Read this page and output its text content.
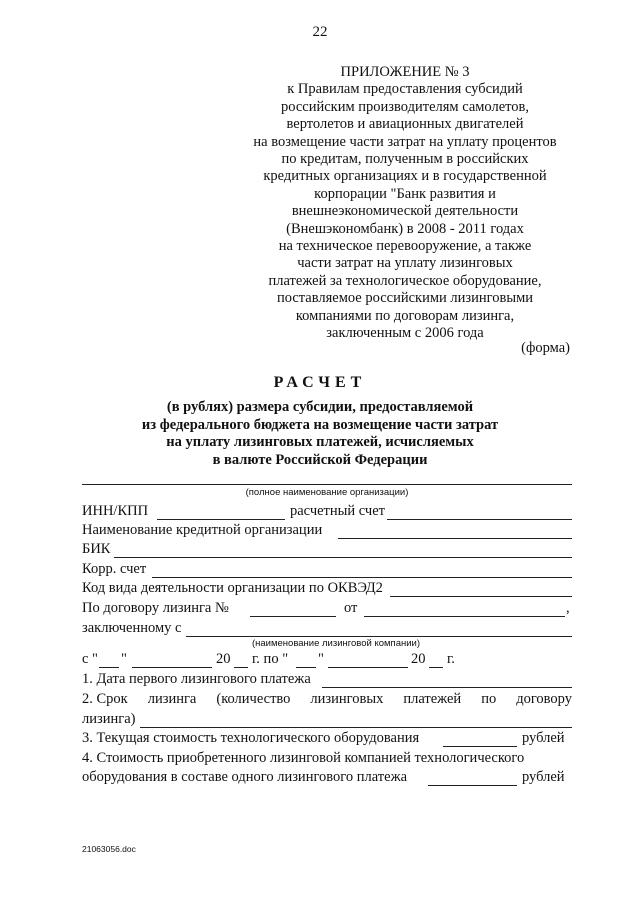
22
ПРИЛОЖЕНИЕ № 3
к Правилам предоставления субсидий
российским производителям самолетов,
вертолетов и авиационных двигателей
на возмещение части затрат на уплату процентов
по кредитам, полученным в российских
кредитных организациях и в государственной
корпорации "Банк развития и
внешнеэкономической деятельности
(Внешэкономбанк) в 2008 - 2011 годах
на техническое перевооружение, а также
части затрат на уплату лизинговых
платежей за технологическое оборудование,
поставляемое российскими лизинговыми
компаниями по договорам лизинга,
заключенным с 2006 года
(форма)
РАСЧЕТ
(в рублях) размера субсидии, предоставляемой
из федерального бюджета на возмещение части затрат
на уплату лизинговых платежей, исчисляемых
в валюте Российской Федерации
(полное наименование организации)
ИНН/КПП	расчетный счет
Наименование кредитной организации
БИК
Корр. счет
Код вида деятельности организации по ОКВЭД2
По договору лизинга №	от	,
заключенному с
(наименование лизинговой компании)
с " "	20 г. по " "	20 г.
1. Дата первого лизингового платежа
2. Срок лизинга (количество лизинговых платежей по договору
лизинга)
3. Текущая стоимость технологического оборудования	рублей
4. Стоимость приобретенного лизинговой компанией технологического
оборудования в составе одного лизингового платежа	рублей
21063056.doc
